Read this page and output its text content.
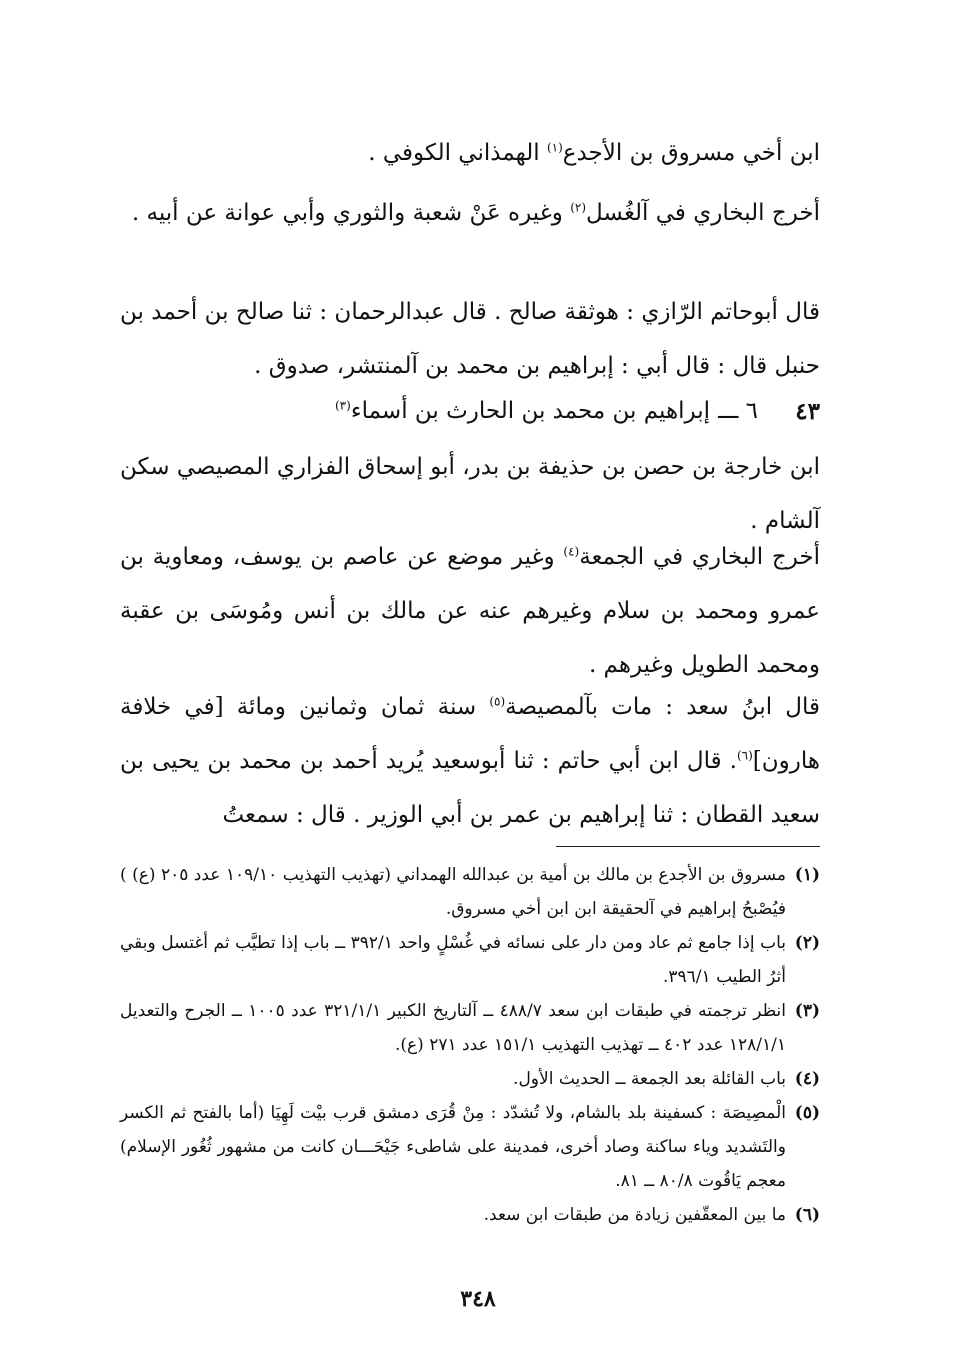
ابن أخي مسروق بن الأجدع$^{(١)}$ الهمذاني الكوفي .
أخرج البخاري في آلغُسل$^{(٢)}$ وغيره عَنْ شعبة والثوري وأبي عوانة عن أبيه .
قال أبوحاتم الرّازي : هوثقة صالح . قال عبدالرحمان : ثنا صالح بن أحمد بن حنبل قال : قال أبي : إبراهيم بن محمد بن آلمنتشر، صدوق .
٤٣
٦ ـــ
إبراهيم بن محمد بن الحارث بن أسماء$^{(٣)}$
ابن خارجة بن حصن بن حذيفة بن بدر، أبو إسحاق الفزاري المصيصي سكن آلشام .
أخرج البخاري في الجمعة$^{(٤)}$ وغير موضع عن عاصم بن يوسف، ومعاوية بن عمرو ومحمد بن سلام وغيرهم عنه عن مالك بن أنس ومُوسَى بن عقبة ومحمد الطويل وغيرهم .
قال ابنُ سعد : مات بآلمصيصة$^{(٥)}$ سنة ثمان وثمانين ومائة [في خلافة هارون]$^{(٦)}$. قال ابن أبي حاتم : ثنا أبوسعيد يُريد أحمد بن محمد بن يحيى بن سعيد القطان : ثنا إبراهيم بن عمر بن أبي الوزير . قال : سمعتُ
(١)
مسروق بن الأجدع بن مالك بن أمية بن عبدالله الهمداني (تهذيب التهذيب ١٠٩/١٠ عدد ٢٠٥ (ع) ) فيُصْبحُ إبراهيم في آلحقيقة ابن ابن أخي مسروق.
(٢)
باب إذا جامع ثم عاد ومن دار على نسائه في غُسْلٍ واحد ٣٩٢/١ ــ باب إذا تطيَّب ثم أغتسل وبقي أثرُ الطيب ٣٩٦/١.
(٣)
انظر ترجمته في طبقات ابن سعد ٤٨٨/٧ ــ آلتاريخ الكبير ٣٢١/١/١ عدد ١٠٠٥ ــ الجرح والتعديل ١٢٨/١/١ عدد ٤٠٢ ــ تهذيب التهذيب ١٥١/١ عدد ٢٧١ (ع).
(٤)
باب القائلة بعد الجمعة ــ الحديث الأول.
(٥)
الْمصِيصَة : كسفينة بلد بالشام، ولا تُشدّد : مِنْ قُرَى دمشق قرب بيْت لَهِيَا (أما بالفتح ثم الكسر والتَشديد وياء ساكنة وصاد أخرى، فمدينة على شاطىء جَيْحَـــان كانت من مشهور ثُغُور الإسلام) معجم يَاقُوت ٨٠/٨ ــ ٨١.
(٦)
ما بين المعقّفين زيادة من طبقات ابن سعد.
٣٤٨
